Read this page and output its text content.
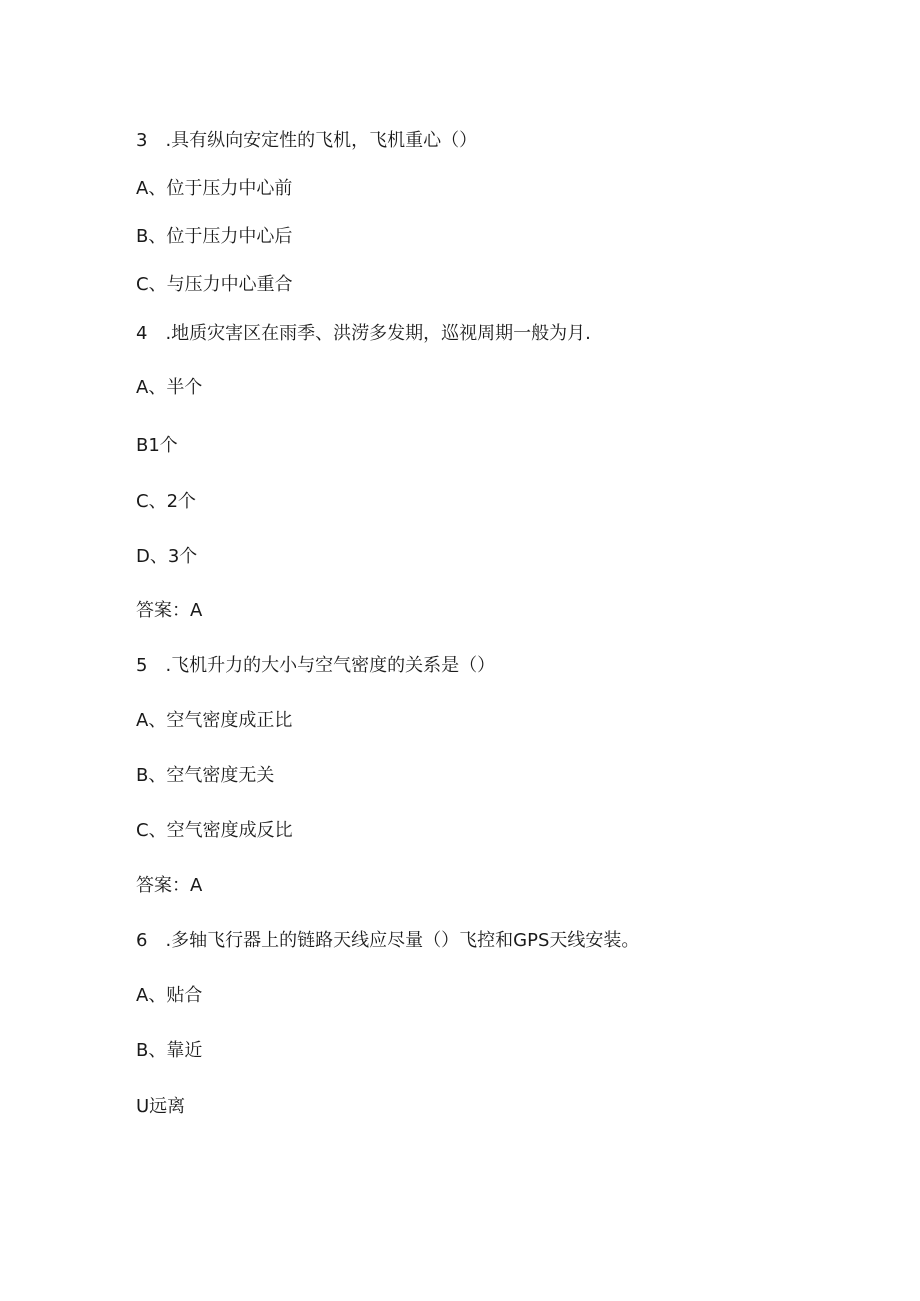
3　.具有纵向安定性的飞机，飞机重心（）
A、位于压力中心前
B、位于压力中心后
C、与压力中心重合
4　.地质灾害区在雨季、洪涝多发期，巡视周期一般为月.
A、半个
B1个
C、2个
D、3个
答案：A
5　.飞机升力的大小与空气密度的关系是（）
A、空气密度成正比
B、空气密度无关
C、空气密度成反比
答案：A
6　.多轴飞行器上的链路天线应尽量（）飞控和GPS天线安装。
A、贴合
B、靠近
U远离
